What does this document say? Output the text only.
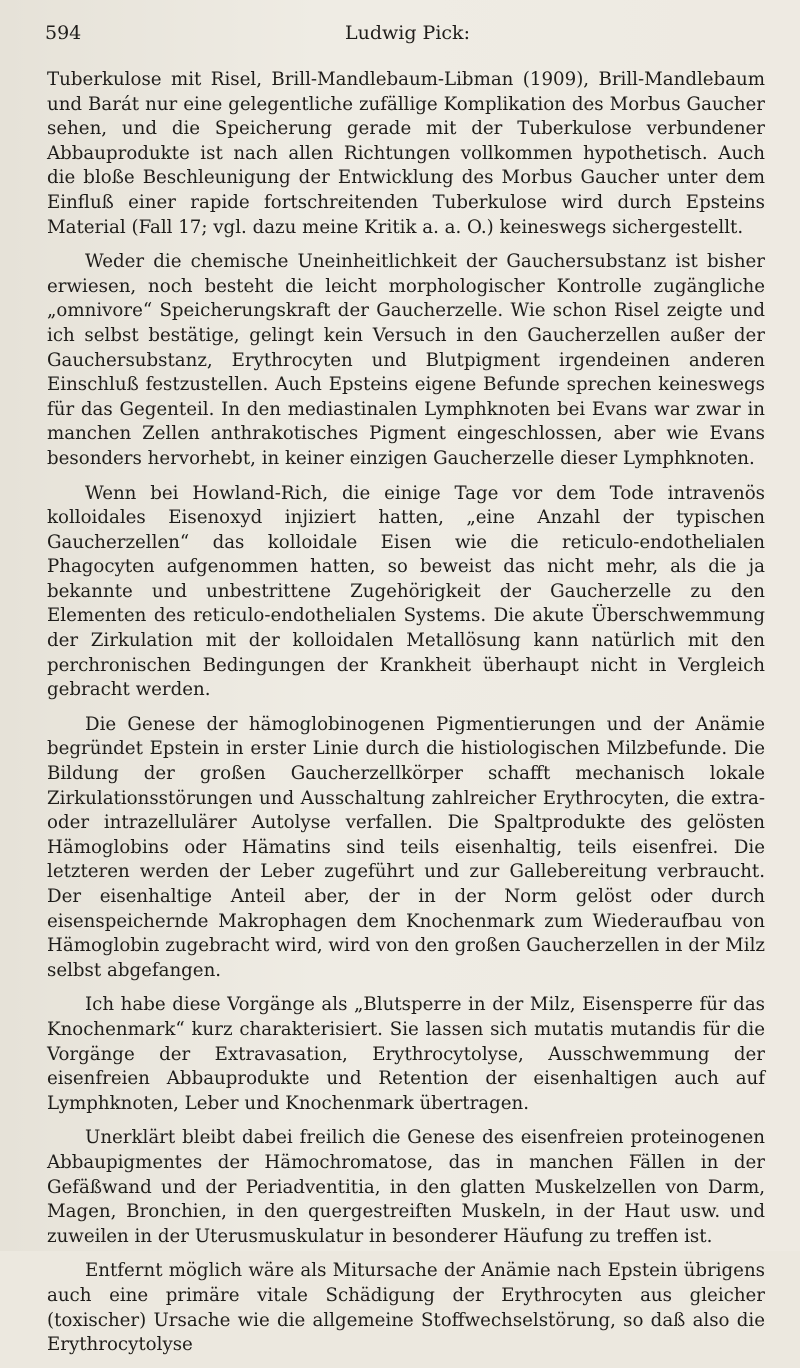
594	Ludwig Pick:

Tuberkulose mit Risel, Brill-Mandlebaum-Libman (1909), Brill-Mandlebaum und Barát nur eine gelegentliche zufällige Komplikation des Morbus Gaucher sehen, und die Speicherung gerade mit der Tuberkulose verbundener Abbauprodukte ist nach allen Richtungen vollkommen hypothetisch. Auch die bloße Beschleunigung der Entwicklung des Morbus Gaucher unter dem Einfluß einer rapide fortschreitenden Tuberkulose wird durch Epsteins Material (Fall 17; vgl. dazu meine Kritik a. a. O.) keineswegs sichergestellt.

Weder die chemische Uneinheitlichkeit der Gauchersubstanz ist bisher erwiesen, noch besteht die leicht morphologischer Kontrolle zugängliche „omnivore“ Speicherungskraft der Gaucherzelle. Wie schon Risel zeigte und ich selbst bestätige, gelingt kein Versuch in den Gaucherzellen außer der Gauchersubstanz, Erythrocyten und Blutpigment irgendeinen anderen Einschluß festzustellen. Auch Epsteins eigene Befunde sprechen keineswegs für das Gegenteil. In den mediastinalen Lymphknoten bei Evans war zwar in manchen Zellen anthrakotisches Pigment eingeschlossen, aber wie Evans besonders hervorhebt, in keiner einzigen Gaucherzelle dieser Lymphknoten.

Wenn bei Howland-Rich, die einige Tage vor dem Tode intravenös kolloidales Eisenoxyd injiziert hatten, „eine Anzahl der typischen Gaucherzellen“ das kolloidale Eisen wie die reticulo-endothelialen Phagocyten aufgenommen hatten, so beweist das nicht mehr, als die ja bekannte und unbestrittene Zugehörigkeit der Gaucherzelle zu den Elementen des reticulo-endothelialen Systems. Die akute Überschwemmung der Zirkulation mit der kolloidalen Metallösung kann natürlich mit den perchronischen Bedingungen der Krankheit überhaupt nicht in Vergleich gebracht werden.

Die Genese der hämoglobinogenen Pigmentierungen und der Anämie begründet Epstein in erster Linie durch die histiologischen Milzbefunde. Die Bildung der großen Gaucherzellkörper schafft mechanisch lokale Zirkulationsstörungen und Ausschaltung zahlreicher Erythrocyten, die extra- oder intrazellulärer Autolyse verfallen. Die Spaltprodukte des gelösten Hämoglobins oder Hämatins sind teils eisenhaltig, teils eisenfrei. Die letzteren werden der Leber zugeführt und zur Gallebereitung verbraucht. Der eisenhaltige Anteil aber, der in der Norm gelöst oder durch eisenspeichernde Makrophagen dem Knochenmark zum Wiederaufbau von Hämoglobin zugebracht wird, wird von den großen Gaucherzellen in der Milz selbst abgefangen.

Ich habe diese Vorgänge als „Blutsperre in der Milz, Eisensperre für das Knochenmark“ kurz charakterisiert. Sie lassen sich mutatis mutandis für die Vorgänge der Extravasation, Erythrocytolyse, Ausschwemmung der eisenfreien Abbauprodukte und Retention der eisenhaltigen auch auf Lymphknoten, Leber und Knochenmark übertragen.

Unerklärt bleibt dabei freilich die Genese des eisenfreien proteinogenen Abbaupigmentes der Hämochromatose, das in manchen Fällen in der Gefäßwand und der Periadventitia, in den glatten Muskelzellen von Darm, Magen, Bronchien, in den quergestreiften Muskeln, in der Haut usw. und zuweilen in der Uterusmuskulatur in besonderer Häufung zu treffen ist.

Entfernt möglich wäre als Mitursache der Anämie nach Epstein übrigens auch eine primäre vitale Schädigung der Erythrocyten aus gleicher (toxischer) Ursache wie die allgemeine Stoffwechselstörung, so daß also die Erythrocytolyse
